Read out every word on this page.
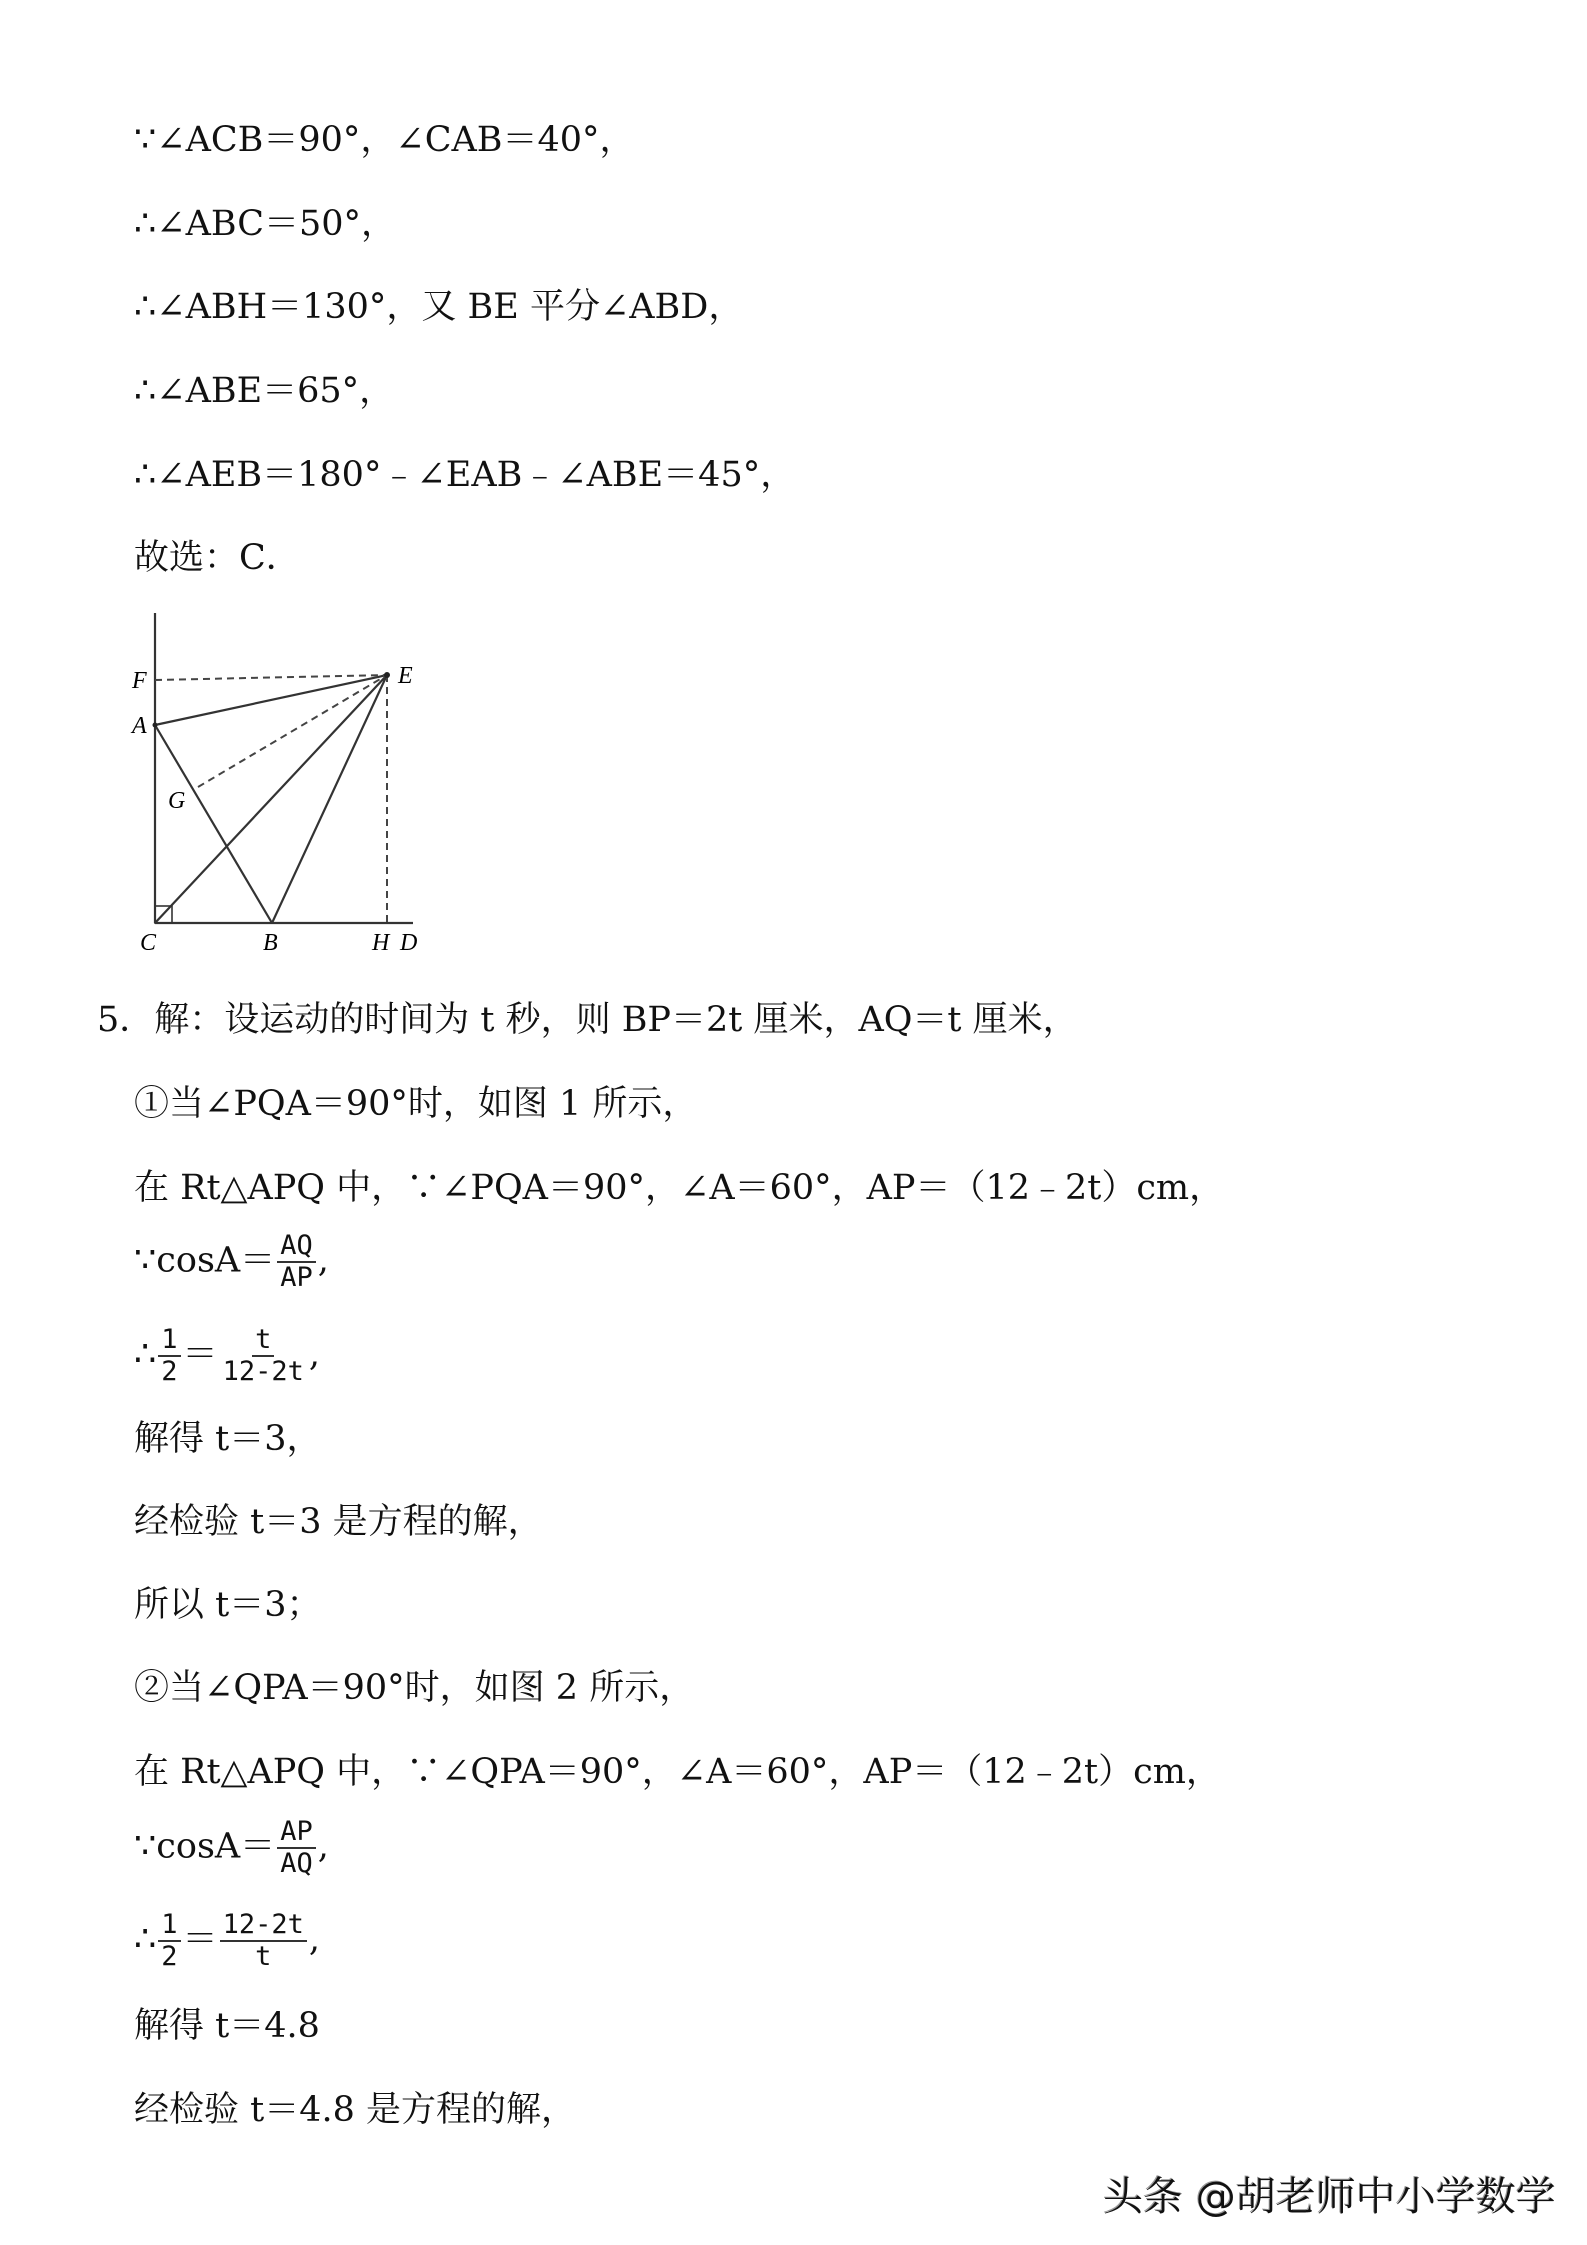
∵∠ACB＝90°，∠CAB＝40°，
∴∠ABC＝50°，
∴∠ABH＝130°，又 BE 平分∠ABD，
∴∠ABE＝65°，
∴∠AEB＝180°﹣∠EAB﹣∠ABE＝45°，
故选：C．
F
A
E
G
C	B	H D
5．解：设运动的时间为 t 秒，则 BP＝2t 厘米，AQ＝t 厘米，
①当∠PQA＝90°时，如图 1 所示，
在 Rt△APQ 中，∵∠PQA＝90°，∠A＝60°，AP＝（12﹣2t）cm，
∵cosA＝ $\frac{AQ}{AP}$ ,
∴ $\frac{1}{2} = \frac{t}{12-2t}$ ,
解得 t＝3，
经检验 t＝3 是方程的解，
所以 t＝3；
②当∠QPA＝90°时，如图 2 所示，
在 Rt△APQ 中，∵∠QPA＝90°，∠A＝60°，AP＝（12﹣2t）cm，
∵cosA＝ $\frac{AP}{AQ}$ ,
∴ $\frac{1}{2} = \frac{12-2t}{t}$ ,
解得 t＝4.8
经检验 t＝4.8 是方程的解，
头条 @胡老师中小学数学
